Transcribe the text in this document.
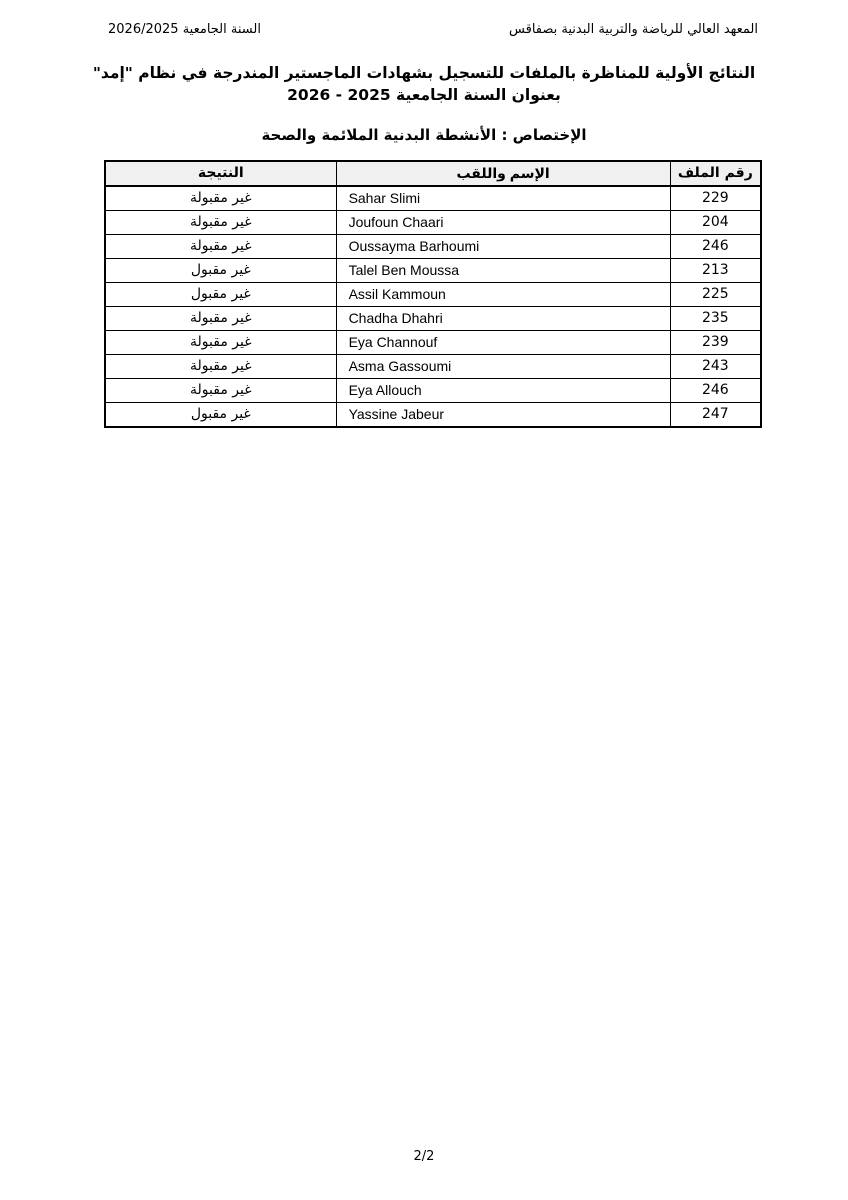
المعهد العالي للرياضة والتربية البدنية بصفاقس
السنة الجامعية 2026/2025
النتائج الأولية للمناظرة بالملفات للتسجيل بشهادات الماجستير المندرجة في نظام "إمد"
بعنوان السنة الجامعية 2025 - 2026
الإختصاص : الأنشطة البدنية الملائمة والصحة
النتيجة	الإسم واللقب	رقم الملف
غير مقبولة	Sahar Slimi	229
غير مقبولة	Joufoun Chaari	204
غير مقبولة	Oussayma Barhoumi	246
غير مقبول	Talel Ben Moussa	213
غير مقبول	Assil Kammoun	225
غير مقبولة	Chadha Dhahri	235
غير مقبولة	Eya Channouf	239
غير مقبولة	Asma Gassoumi	243
غير مقبولة	Eya Allouch	246
غير مقبول	Yassine Jabeur	247
2/2
